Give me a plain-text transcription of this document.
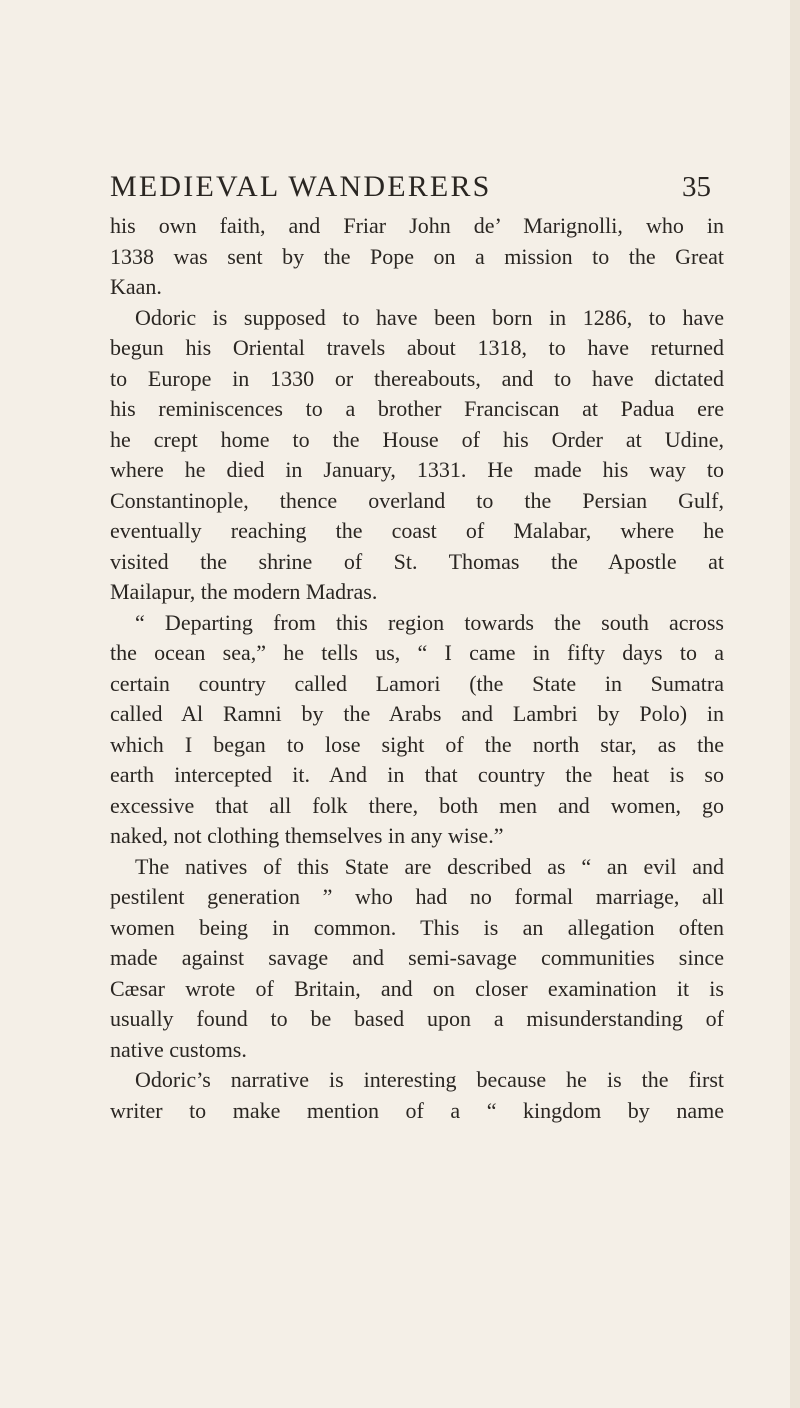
MEDIEVAL WANDERERS	35
his own faith, and Friar John de’ Marignolli, who in
1338 was sent by the Pope on a mission to the Great
Kaan.
Odoric is supposed to have been born in 1286, to have
begun his Oriental travels about 1318, to have returned
to Europe in 1330 or thereabouts, and to have dictated
his reminiscences to a brother Franciscan at Padua ere
he crept home to the House of his Order at Udine,
where he died in January, 1331. He made his way to
Constantinople, thence overland to the Persian Gulf,
eventually reaching the coast of Malabar, where he
visited the shrine of St. Thomas the Apostle at
Mailapur, the modern Madras.
“ Departing from this region towards the south across
the ocean sea,” he tells us, “ I came in fifty days to a
certain country called Lamori (the State in Sumatra
called Al Ramni by the Arabs and Lambri by Polo) in
which I began to lose sight of the north star, as the
earth intercepted it. And in that country the heat is so
excessive that all folk there, both men and women, go
naked, not clothing themselves in any wise.”
The natives of this State are described as “ an evil and
pestilent generation ” who had no formal marriage, all
women being in common. This is an allegation often
made against savage and semi-savage communities since
Cæsar wrote of Britain, and on closer examination it is
usually found to be based upon a misunderstanding of
native customs.
Odoric’s narrative is interesting because he is the first
writer to make mention of a “ kingdom by name
